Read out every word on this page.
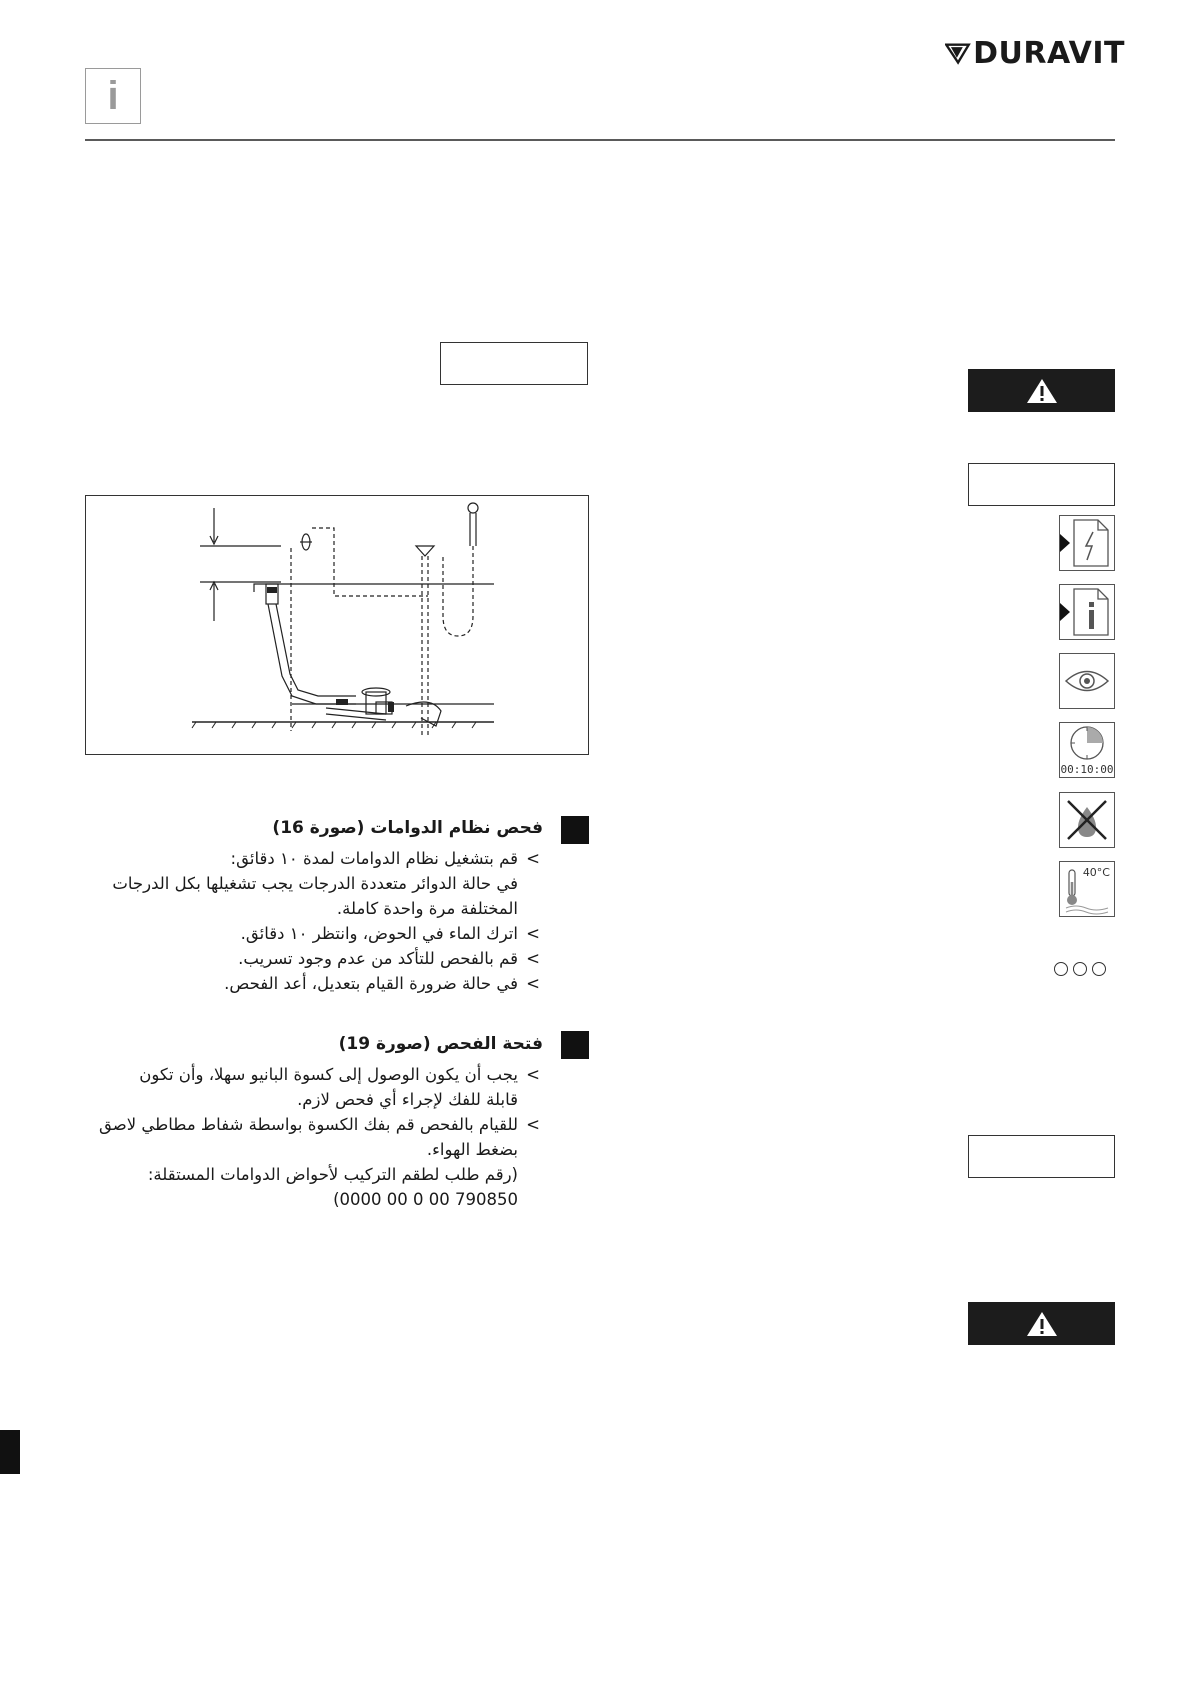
i
DURAVIT
00:10:00
40°C
فحص نظام الدوامات (صورة 16)
>
قم بتشغيل نظام الدوامات لمدة ١٠ دقائق:
في حالة الدوائر متعددة الدرجات يجب تشغيلها بكل الدرجات
المختلفة مرة واحدة كاملة.
>
اترك الماء في الحوض، وانتظر ١٠ دقائق.
>
قم بالفحص للتأكد من عدم وجود تسريب.
>
في حالة ضرورة القيام بتعديل، أعد الفحص.
فتحة الفحص (صورة 19)
>
يجب أن يكون الوصول إلى كسوة البانيو سهلا، وأن تكون
قابلة للفك لإجراء أي فحص لازم.
>
للقيام بالفحص قم بفك الكسوة بواسطة شفاط مطاطي لاصق
بضغط الهواء.
(رقم طلب لطقم التركيب لأحواض الدوامات المستقلة:
790850 00 0 00 0000)
